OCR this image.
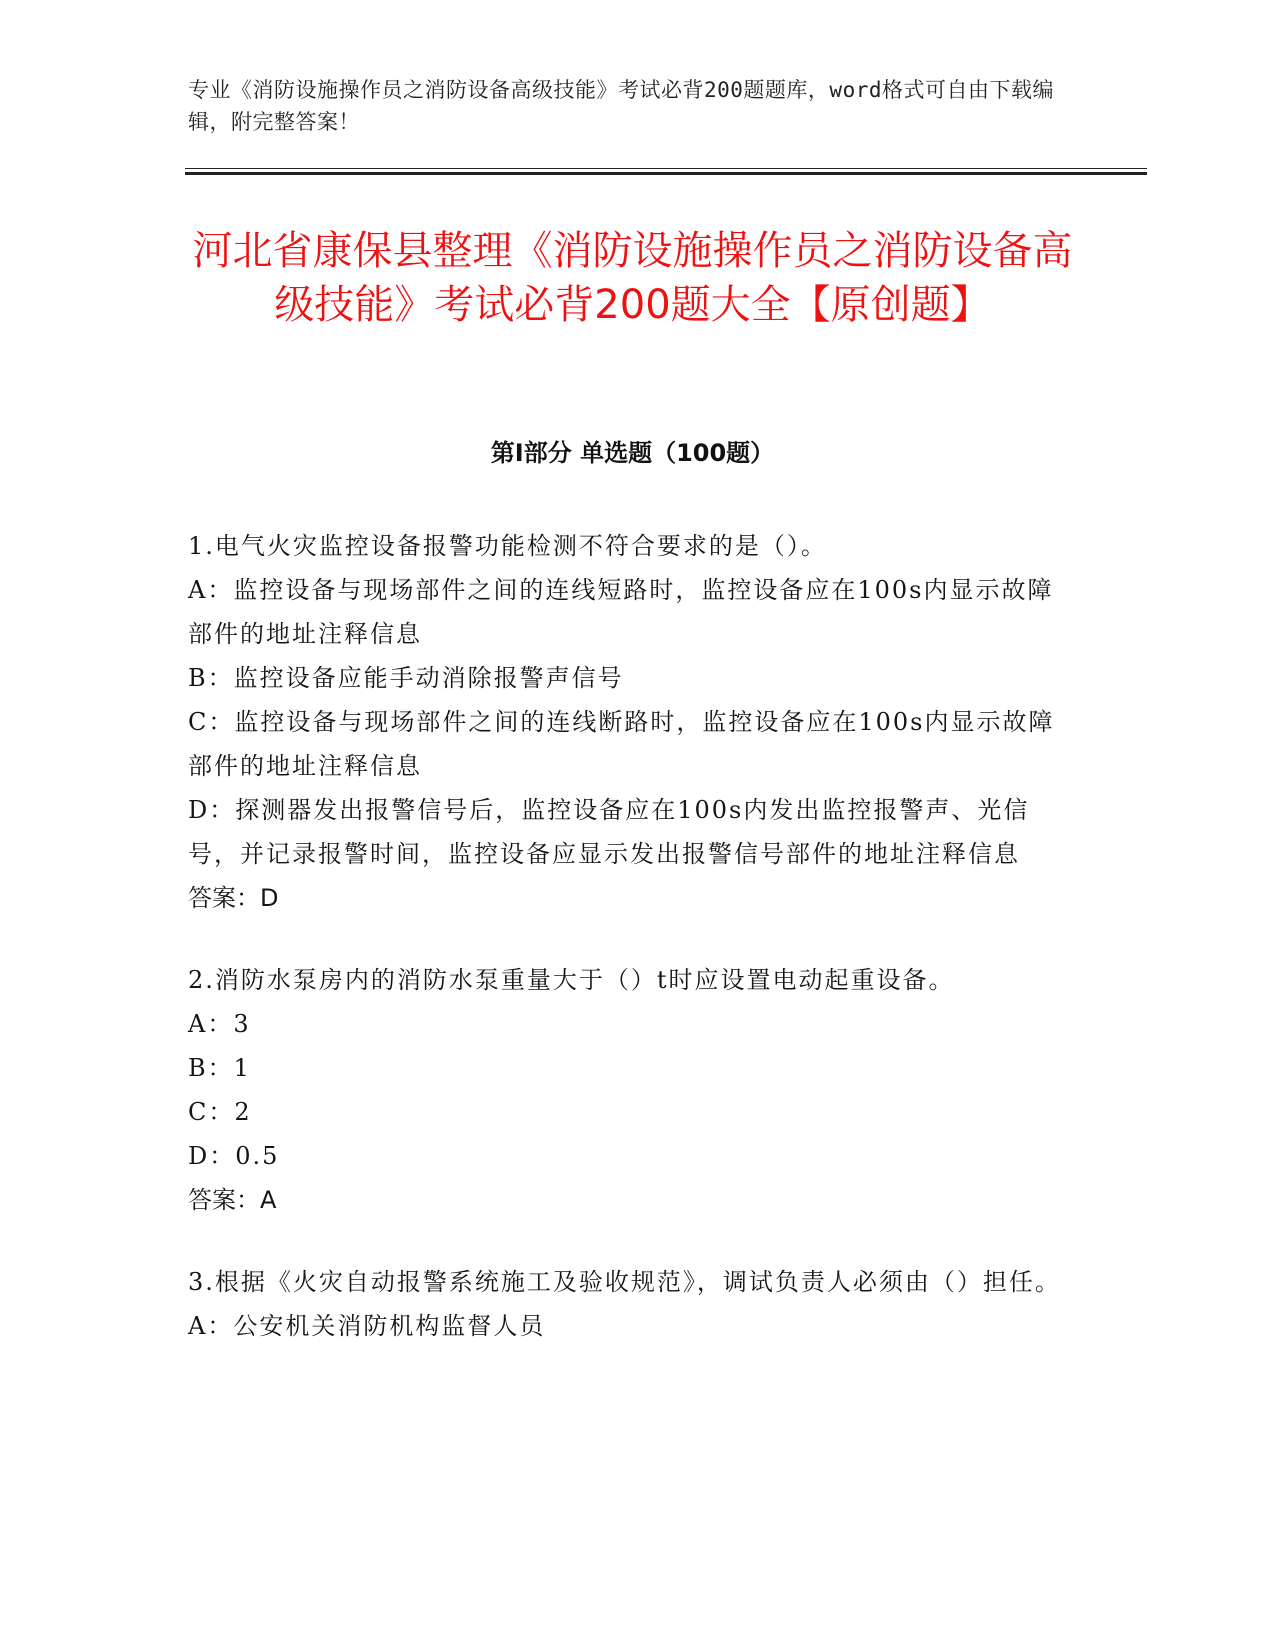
专业《消防设施操作员之消防设备高级技能》考试必背200题题库，word格式可自由下载编辑，附完整答案！
河北省康保县整理《消防设施操作员之消防设备高级技能》考试必背200题大全【原创题】
第I部分 单选题（100题）

1.电气火灾监控设备报警功能检测不符合要求的是（）。

A：监控设备与现场部件之间的连线短路时，监控设备应在100s内显示故障部件的地址注释信息

B：监控设备应能手动消除报警声信号

C：监控设备与现场部件之间的连线断路时，监控设备应在100s内显示故障部件的地址注释信息

D：探测器发出报警信号后，监控设备应在100s内发出监控报警声、光信号，并记录报警时间，监控设备应显示发出报警信号部件的地址注释信息

答案：D

2.消防水泵房内的消防水泵重量大于（）t时应设置电动起重设备。

A：3

B：1

C：2

D：0.5

答案：A

3.根据《火灾自动报警系统施工及验收规范》，调试负责人必须由（）担任。

A：公安机关消防机构监督人员
